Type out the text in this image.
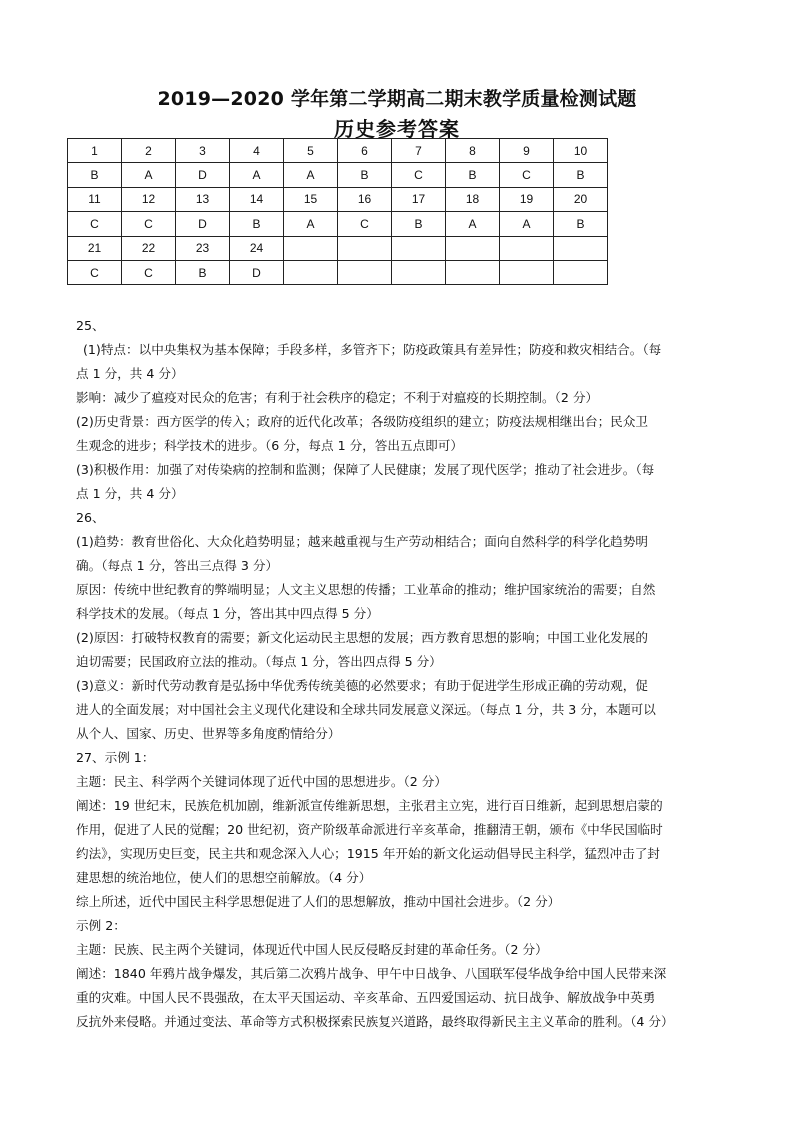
2019—2020 学年第二学期高二期末教学质量检测试题
历史参考答案
1	2	3	4	5	6	7	8	9	10
B	A	D	A	A	B	C	B	C	B
11	12	13	14	15	16	17	18	19	20
C	C	D	B	A	C	B	A	A	B
21	22	23	24						
C	C	B	D						
25、
(1)特点：以中央集权为基本保障；手段多样，多管齐下；防疫政策具有差异性；防疫和救灾相结合。（每
点 1 分，共 4 分）
影响：减少了瘟疫对民众的危害；有利于社会秩序的稳定；不利于对瘟疫的长期控制。（2 分）
(2)历史背景：西方医学的传入；政府的近代化改革；各级防疫组织的建立；防疫法规相继出台；民众卫
生观念的进步；科学技术的进步。（6 分，每点 1 分，答出五点即可）
(3)积极作用：加强了对传染病的控制和监测；保障了人民健康；发展了现代医学；推动了社会进步。（每
点 1 分，共 4 分）
26、
(1)趋势：教育世俗化、大众化趋势明显；越来越重视与生产劳动相结合；面向自然科学的科学化趋势明
确。（每点 1 分，答出三点得 3 分）
原因：传统中世纪教育的弊端明显；人文主义思想的传播；工业革命的推动；维护国家统治的需要；自然
科学技术的发展。（每点 1 分，答出其中四点得 5 分）
(2)原因：打破特权教育的需要；新文化运动民主思想的发展；西方教育思想的影响；中国工业化发展的
迫切需要；民国政府立法的推动。（每点 1 分，答出四点得 5 分）
(3)意义：新时代劳动教育是弘扬中华优秀传统美德的必然要求；有助于促进学生形成正确的劳动观，促
进人的全面发展；对中国社会主义现代化建设和全球共同发展意义深远。（每点 1 分，共 3 分，本题可以
从个人、国家、历史、世界等多角度酌情给分）
27、示例 1：
主题：民主、科学两个关键词体现了近代中国的思想进步。（2 分）
阐述：19 世纪末，民族危机加剧，维新派宣传维新思想，主张君主立宪，进行百日维新，起到思想启蒙的
作用，促进了人民的觉醒；20 世纪初，资产阶级革命派进行辛亥革命，推翻清王朝，颁布《中华民国临时
约法》，实现历史巨变，民主共和观念深入人心；1915 年开始的新文化运动倡导民主科学，猛烈冲击了封
建思想的统治地位，使人们的思想空前解放。（4 分）
综上所述，近代中国民主科学思想促进了人们的思想解放，推动中国社会进步。（2 分）
示例 2：
主题：民族、民主两个关键词，体现近代中国人民反侵略反封建的革命任务。（2 分）
阐述：1840 年鸦片战争爆发，其后第二次鸦片战争、甲午中日战争、八国联军侵华战争给中国人民带来深
重的灾难。中国人民不畏强敌，在太平天国运动、辛亥革命、五四爱国运动、抗日战争、解放战争中英勇
反抗外来侵略。并通过变法、革命等方式积极探索民族复兴道路，最终取得新民主主义革命的胜利。（4 分）
